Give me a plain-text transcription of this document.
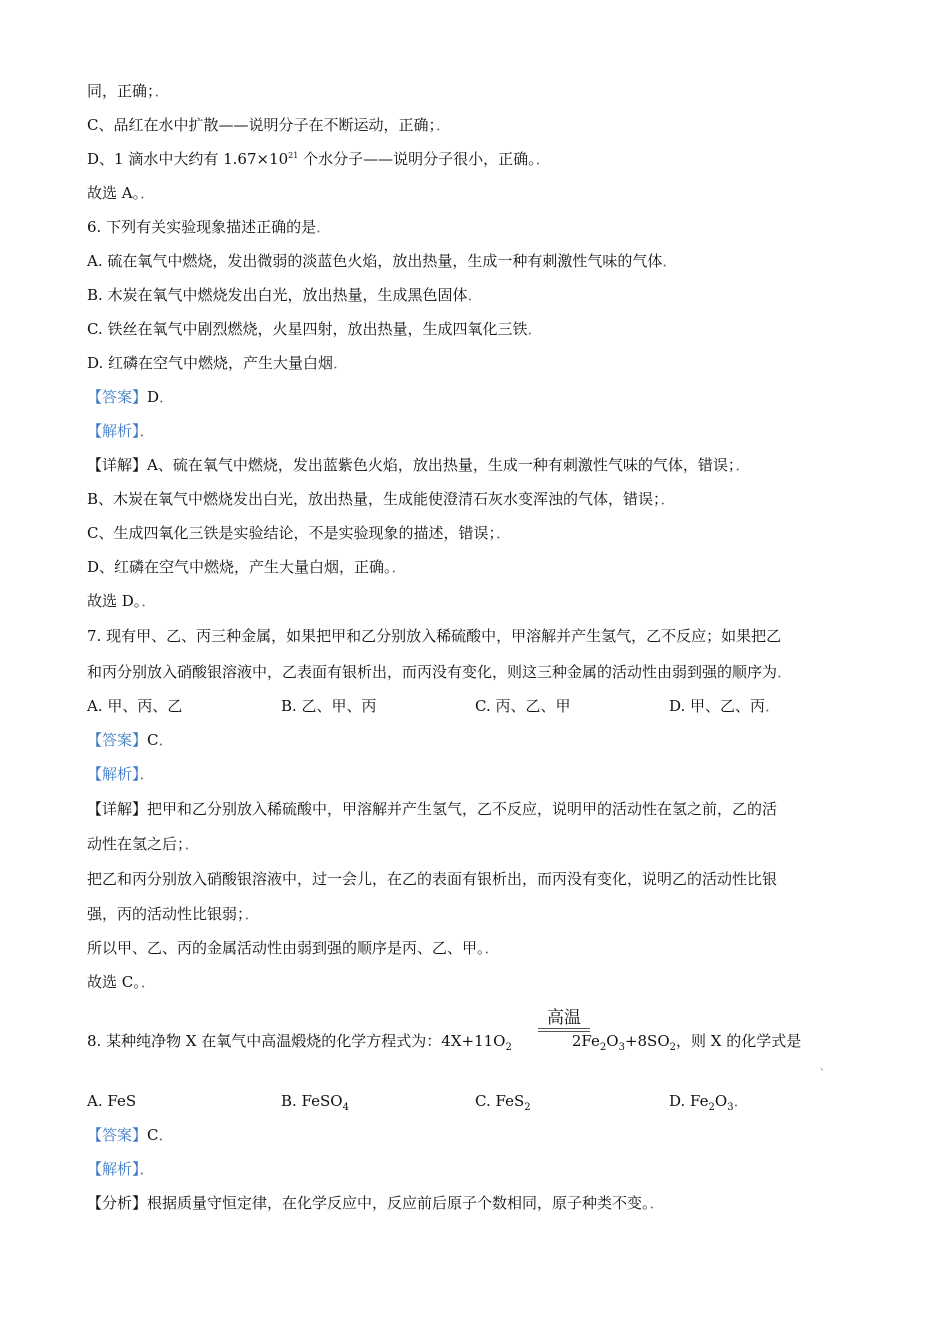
同，正确；．
C、品红在水中扩散——说明分子在不断运动，正确；．
D、1 滴水中大约有 $1.67\times 10^{21}$ 个水分子——说明分子很小，正确。．
故选 A。．
6. 下列有关实验现象描述正确的是．
A. 硫在氧气中燃烧，发出微弱的淡蓝色火焰，放出热量，生成一种有刺激性气味的气体．
B. 木炭在氧气中燃烧发出白光，放出热量，生成黑色固体．
C. 铁丝在氧气中剧烈燃烧，火星四射，放出热量，生成四氧化三铁．
D. 红磷在空气中燃烧，产生大量白烟．
【答案】D．
【解析】．
【详解】A、硫在氧气中燃烧，发出蓝紫色火焰，放出热量，生成一种有刺激性气味的气体，错误；．
B、木炭在氧气中燃烧发出白光，放出热量，生成能使澄清石灰水变浑浊的气体，错误；．
C、生成四氧化三铁是实验结论，不是实验现象的描述，错误；．
D、红磷在空气中燃烧，产生大量白烟，正确。．
故选 D。．
7. 现有甲、乙、丙三种金属，如果把甲和乙分别放入稀硫酸中，甲溶解并产生氢气，乙不反应；如果把乙
和丙分别放入硝酸银溶液中，乙表面有银析出，而丙没有变化，则这三种金属的活动性由弱到强的顺序为．
A. 甲、丙、乙	B. 乙、甲、丙	C. 丙、乙、甲	D. 甲、乙、丙．
【答案】C．
【解析】．
【详解】把甲和乙分别放入稀硫酸中，甲溶解并产生氢气，乙不反应，说明甲的活动性在氢之前，乙的活
动性在氢之后；．
把乙和丙分别放入硝酸银溶液中，过一会儿，在乙的表面有银析出，而丙没有变化，说明乙的活动性比银
强，丙的活动性比银弱；．
所以甲、乙、丙的金属活动性由弱到强的顺序是丙、乙、甲。．
故选 C。．
高温
8. 某种纯净物 X 在氧气中高温煅烧的化学方程式为：$4X+11O_2$	$2Fe_2O_3+8SO_2$，则 X 的化学式是
、
A. FeS	B. FeSO$_4$	C. FeS$_2$	D. $Fe_2O_3$．
【答案】C．
【解析】．
【分析】根据质量守恒定律，在化学反应中，反应前后原子个数相同，原子种类不变。．
